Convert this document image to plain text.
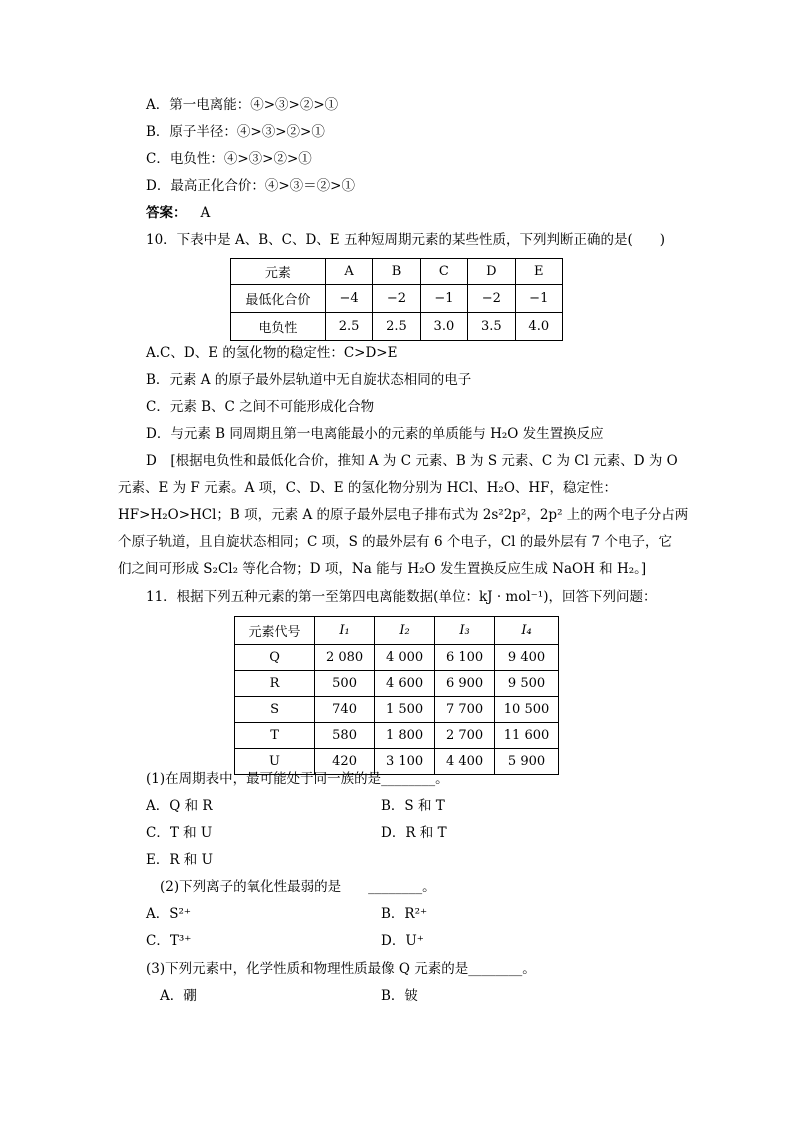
A．第一电离能：④>③>②>①
B．原子半径：④>③>②>①
C．电负性：④>③>②>①
D．最高正化合价：④>③＝②>①
答案： A
10．下表中是 A、B、C、D、E 五种短周期元素的某些性质，下列判断正确的是(　　)
元素	A	B	C	D	E
最低化合价	−4	−2	−1	−2	−1
电负性	2.5	2.5	3.0	3.5	4.0
A.C、D、E 的氢化物的稳定性：C>D>E
B．元素 A 的原子最外层轨道中无自旋状态相同的电子
C．元素 B、C 之间不可能形成化合物
D．与元素 B 同周期且第一电离能最小的元素的单质能与 H₂O 发生置换反应
D　[根据电负性和最低化合价，推知 A 为 C 元素、B 为 S 元素、C 为 Cl 元素、D 为 O
元素、E 为 F 元素。A 项，C、D、E 的氢化物分别为 HCl、H₂O、HF，稳定性：
HF>H₂O>HCl；B 项，元素 A 的原子最外层电子排布式为 2s²2p²，2p² 上的两个电子分占两
个原子轨道，且自旋状态相同；C 项，S 的最外层有 6 个电子，Cl 的最外层有 7 个电子，它
们之间可形成 S₂Cl₂ 等化合物；D 项，Na 能与 H₂O 发生置换反应生成 NaOH 和 H₂。]
11．根据下列五种元素的第一至第四电离能数据(单位：kJ · mol⁻¹)，回答下列问题：
元素代号	I₁	I₂	I₃	I₄
Q	2 080	4 000	6 100	9 400
R	500	4 600	6 900	9 500
S	740	1 500	7 700	10 500
T	580	1 800	2 700	11 600
U	420	3 100	4 400	5 900
(1)在周期表中，最可能处于同一族的是________。
A．Q 和 R	B．S 和 T
C．T 和 U	D．R 和 T
E．R 和 U
(2)下列离子的氧化性最弱的是　　________。
A．S²⁺	B．R²⁺
C．T³⁺	D．U⁺
(3)下列元素中，化学性质和物理性质最像 Q 元素的是________。
A．硼	B．铍
